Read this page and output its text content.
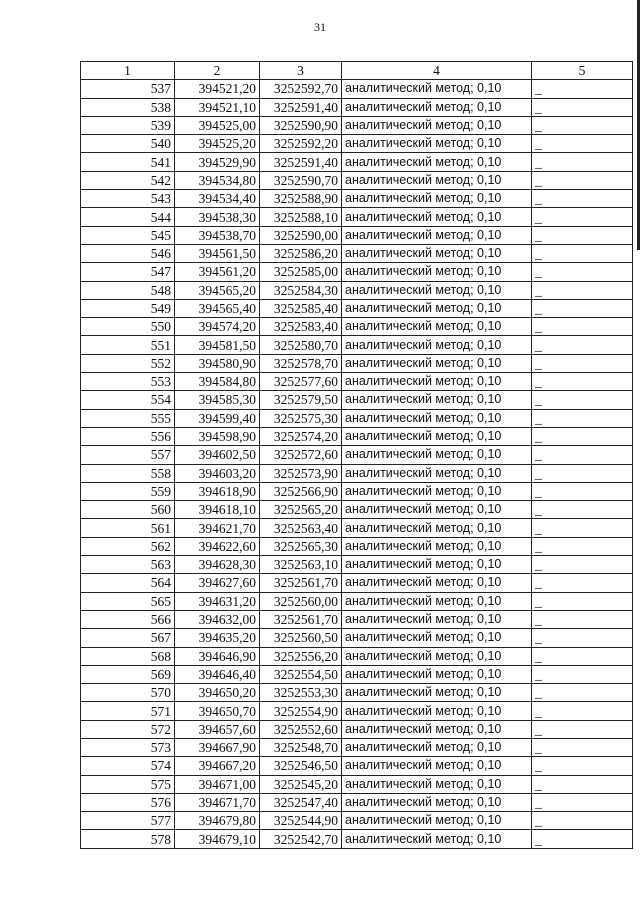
31
1	2	3	4	5
537	394521,20	3252592,70	аналитический метод; 0,10	_
538	394521,10	3252591,40	аналитический метод; 0,10	_
539	394525,00	3252590,90	аналитический метод; 0,10	_
540	394525,20	3252592,20	аналитический метод; 0,10	_
541	394529,90	3252591,40	аналитический метод; 0,10	_
542	394534,80	3252590,70	аналитический метод; 0,10	_
543	394534,40	3252588,90	аналитический метод; 0,10	_
544	394538,30	3252588,10	аналитический метод; 0,10	_
545	394538,70	3252590,00	аналитический метод; 0,10	_
546	394561,50	3252586,20	аналитический метод; 0,10	_
547	394561,20	3252585,00	аналитический метод; 0,10	_
548	394565,20	3252584,30	аналитический метод; 0,10	_
549	394565,40	3252585,40	аналитический метод; 0,10	_
550	394574,20	3252583,40	аналитический метод; 0,10	_
551	394581,50	3252580,70	аналитический метод; 0,10	_
552	394580,90	3252578,70	аналитический метод; 0,10	_
553	394584,80	3252577,60	аналитический метод; 0,10	_
554	394585,30	3252579,50	аналитический метод; 0,10	_
555	394599,40	3252575,30	аналитический метод; 0,10	_
556	394598,90	3252574,20	аналитический метод; 0,10	_
557	394602,50	3252572,60	аналитический метод; 0,10	_
558	394603,20	3252573,90	аналитический метод; 0,10	_
559	394618,90	3252566,90	аналитический метод; 0,10	_
560	394618,10	3252565,20	аналитический метод; 0,10	_
561	394621,70	3252563,40	аналитический метод; 0,10	_
562	394622,60	3252565,30	аналитический метод; 0,10	_
563	394628,30	3252563,10	аналитический метод; 0,10	_
564	394627,60	3252561,70	аналитический метод; 0,10	_
565	394631,20	3252560,00	аналитический метод; 0,10	_
566	394632,00	3252561,70	аналитический метод; 0,10	_
567	394635,20	3252560,50	аналитический метод; 0,10	_
568	394646,90	3252556,20	аналитический метод; 0,10	_
569	394646,40	3252554,50	аналитический метод; 0,10	_
570	394650,20	3252553,30	аналитический метод; 0,10	_
571	394650,70	3252554,90	аналитический метод; 0,10	_
572	394657,60	3252552,60	аналитический метод; 0,10	_
573	394667,90	3252548,70	аналитический метод; 0,10	_
574	394667,20	3252546,50	аналитический метод; 0,10	_
575	394671,00	3252545,20	аналитический метод; 0,10	_
576	394671,70	3252547,40	аналитический метод; 0,10	_
577	394679,80	3252544,90	аналитический метод; 0,10	_
578	394679,10	3252542,70	аналитический метод; 0,10	_
